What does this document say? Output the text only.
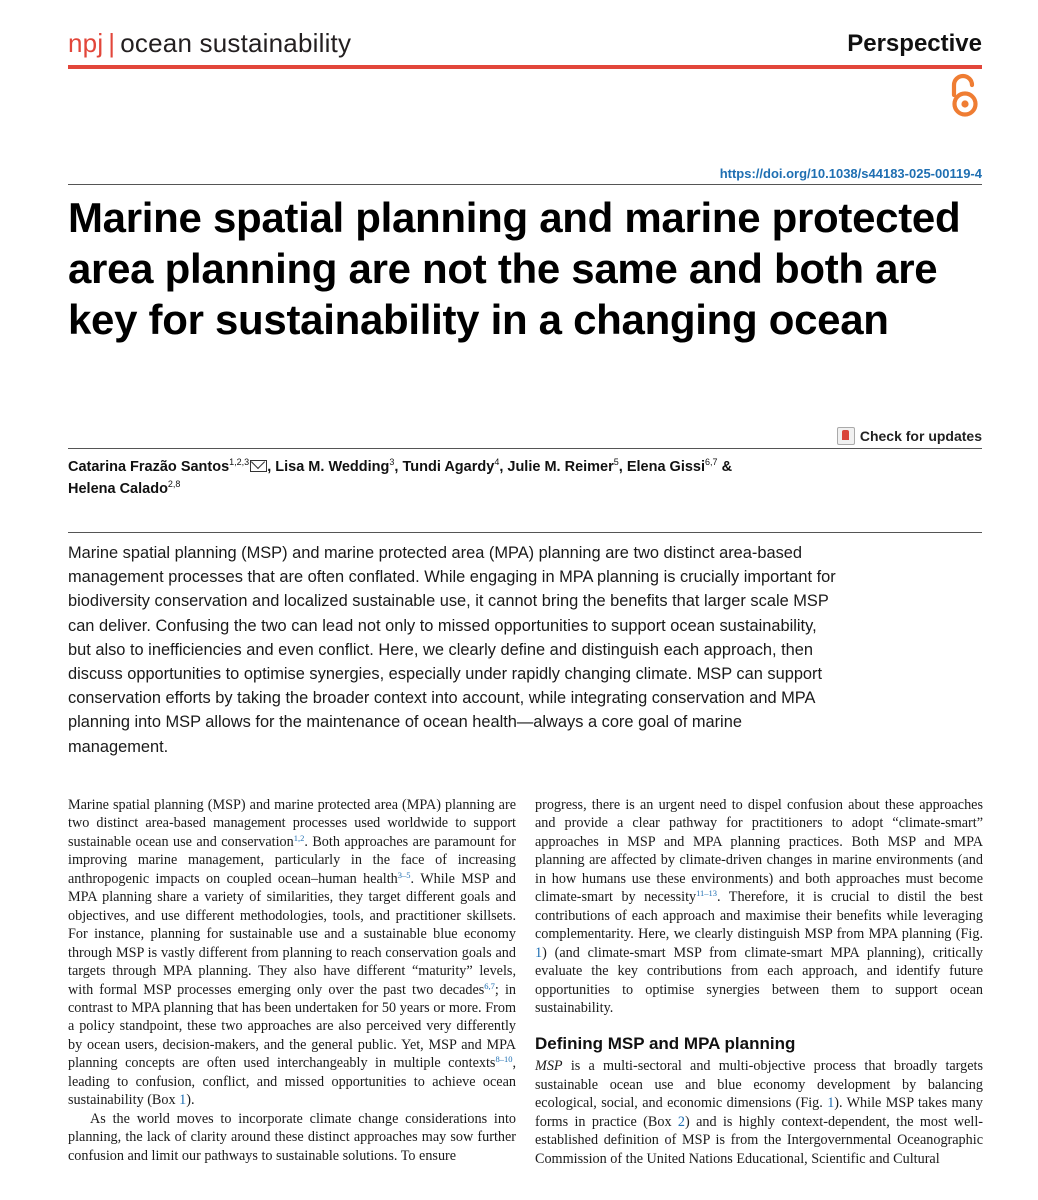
npj | ocean sustainability	Perspective
https://doi.org/10.1038/s44183-025-00119-4
Marine spatial planning and marine protected area planning are not the same and both are key for sustainability in a changing ocean
Check for updates

Catarina Frazão Santos$^{1,2,3}$ , Lisa M. Wedding$^3$, Tundi Agardy$^4$, Julie M. Reimer$^5$, Elena Gissi$^{6,7}$ &
Helena Calado$^{2,8}$

Marine spatial planning (MSP) and marine protected area (MPA) planning are two distinct area-based management processes that are often conflated. While engaging in MPA planning is crucially important for biodiversity conservation and localized sustainable use, it cannot bring the benefits that larger scale MSP can deliver. Confusing the two can lead not only to missed opportunities to support ocean sustainability, but also to inefficiencies and even conflict. Here, we clearly define and distinguish each approach, then discuss opportunities to optimise synergies, especially under rapidly changing climate. MSP can support conservation efforts by taking the broader context into account, while integrating conservation and MPA planning into MSP allows for the maintenance of ocean health—always a core goal of marine management.

Marine spatial planning (MSP) and marine protected area (MPA) planning are two distinct area-based management processes used worldwide to support sustainable ocean use and conservation$^{1,2}$. Both approaches are paramount for improving marine management, particularly in the face of increasing anthropogenic impacts on coupled ocean–human health$^{3-5}$. While MSP and MPA planning share a variety of similarities, they target different goals and objectives, and use different methodologies, tools, and practitioner skillsets. For instance, planning for sustainable use and a sustainable blue economy through MSP is vastly different from planning to reach conservation goals and targets through MPA planning. They also have different “maturity” levels, with formal MSP processes emerging only over the past two decades$^{6,7}$; in contrast to MPA planning that has been undertaken for 50 years or more. From a policy standpoint, these two approaches are also perceived very differently by ocean users, decision-makers, and the general public. Yet, MSP and MPA planning concepts are often used interchangeably in multiple contexts$^{8-10}$, leading to confusion, conflict, and missed opportunities to achieve ocean sustainability (Box 1).

As the world moves to incorporate climate change considerations into planning, the lack of clarity around these distinct approaches may sow further confusion and limit our pathways to sustainable solutions. To ensure

progress, there is an urgent need to dispel confusion about these approaches and provide a clear pathway for practitioners to adopt “climate-smart” approaches in MSP and MPA planning practices. Both MSP and MPA planning are affected by climate-driven changes in marine environments (and in how humans use these environments) and both approaches must become climate-smart by necessity$^{11-13}$. Therefore, it is crucial to distil the best contributions of each approach and maximise their benefits while leveraging complementarity. Here, we clearly distinguish MSP from MPA planning (Fig. 1) (and climate-smart MSP from climate-smart MPA planning), critically evaluate the key contributions from each approach, and identify future opportunities to optimise synergies between them to support ocean sustainability.

Defining MSP and MPA planning

MSP is a multi-sectoral and multi-objective process that broadly targets sustainable ocean use and blue economy development by balancing ecological, social, and economic dimensions (Fig. 1). While MSP takes many forms in practice (Box 2) and is highly context-dependent, the most well-established definition of MSP is from the Intergovernmental Oceanographic Commission of the United Nations Educational, Scientific and Cultural
